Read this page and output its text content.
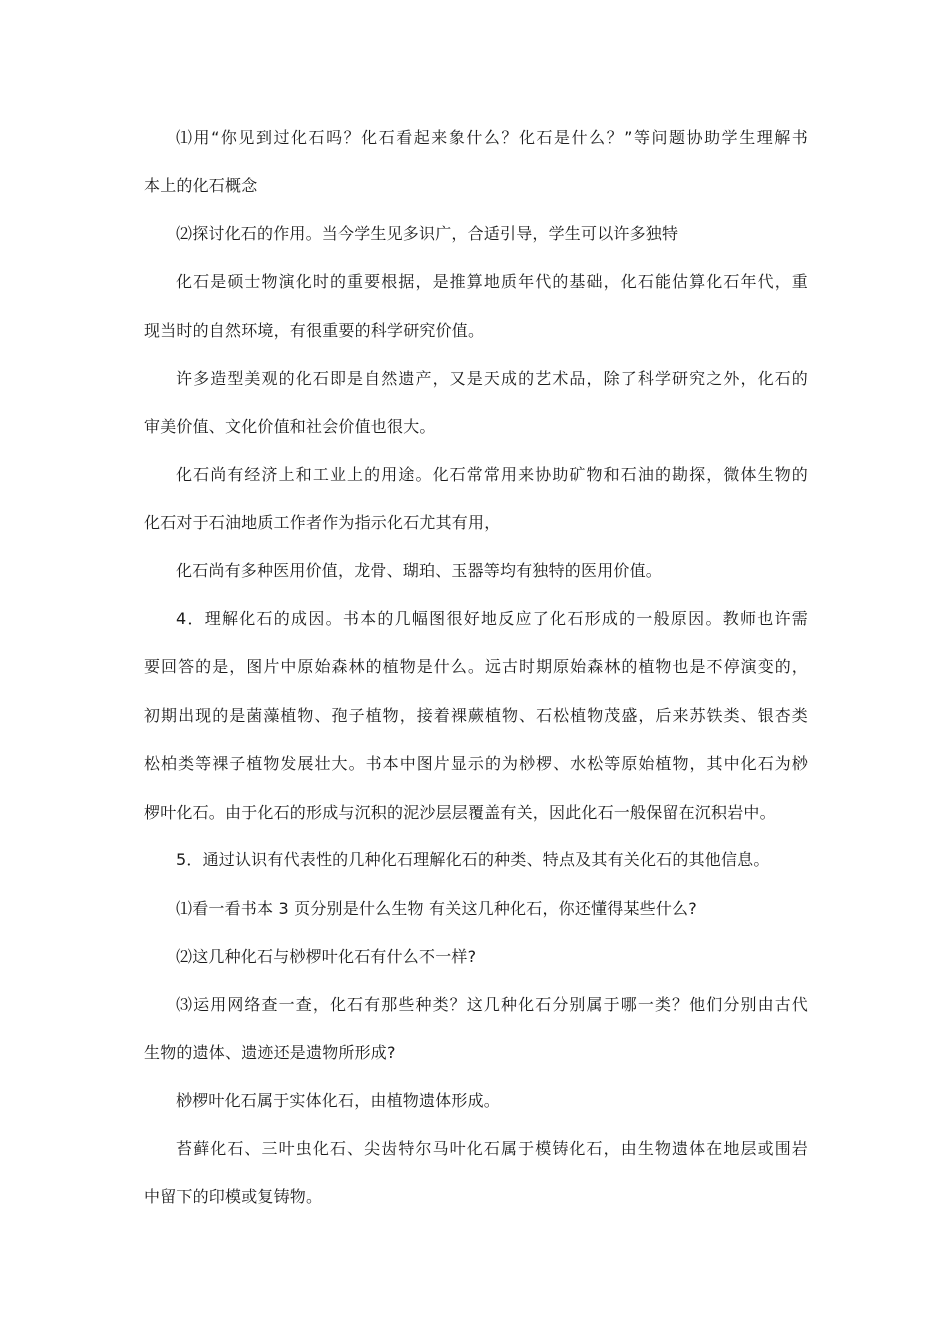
⑴用“你见到过化石吗？化石看起来象什么？化石是什么？”等问题协助学生理解书
本上的化石概念
⑵探讨化石的作用。当今学生见多识广，合适引导，学生可以许多独特
化石是硕士物演化时的重要根据，是推算地质年代的基础，化石能估算化石年代，重
现当时的自然环境，有很重要的科学研究价值。
许多造型美观的化石即是自然遗产，又是天成的艺术品，除了科学研究之外，化石的
审美价值、文化价值和社会价值也很大。
化石尚有经济上和工业上的用途。化石常常用来协助矿物和石油的勘探，微体生物的
化石对于石油地质工作者作为指示化石尤其有用，
化石尚有多种医用价值，龙骨、瑚珀、玉器等均有独特的医用价值。
4．理解化石的成因。书本的几幅图很好地反应了化石形成的一般原因。教师也许需
要回答的是，图片中原始森林的植物是什么。远古时期原始森林的植物也是不停演变的，
初期出现的是菌藻植物、孢子植物，接着裸蕨植物、石松植物茂盛，后来苏铁类、银杏类
松柏类等裸子植物发展壮大。书本中图片显示的为桫椤、水松等原始植物，其中化石为桫
椤叶化石。由于化石的形成与沉积的泥沙层层覆盖有关，因此化石一般保留在沉积岩中。
5．通过认识有代表性的几种化石理解化石的种类、特点及其有关化石的其他信息。
⑴看一看书本 3 页分别是什么生物 有关这几种化石，你还懂得某些什么?
⑵这几种化石与桫椤叶化石有什么不一样?
⑶运用网络查一查，化石有那些种类？这几种化石分别属于哪一类？他们分别由古代
生物的遗体、遗迹还是遗物所形成?
桫椤叶化石属于实体化石，由植物遗体形成。
苔藓化石、三叶虫化石、尖齿特尔马叶化石属于模铸化石，由生物遗体在地层或围岩
中留下的印模或复铸物。
